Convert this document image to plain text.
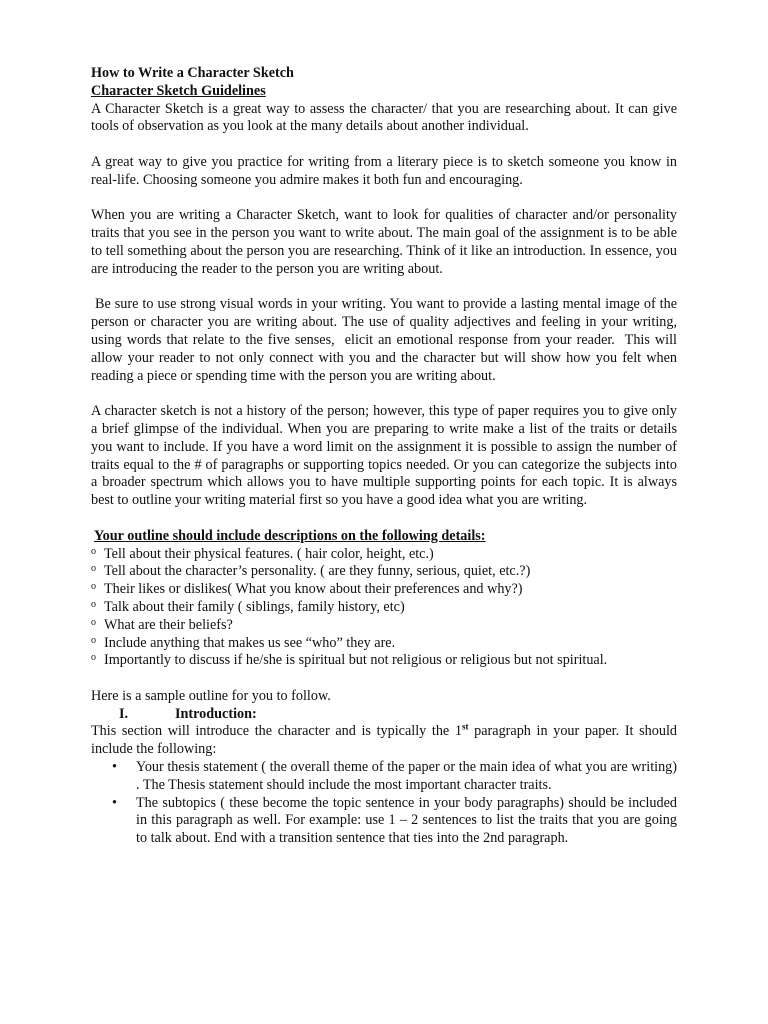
How to Write a Character Sketch

Character Sketch Guidelines

A Character Sketch is a great way to assess the character/ that you are researching about. It can give tools of observation as you look at the many details about another individual.

A great way to give you practice for writing from a literary piece is to sketch someone you know in real-life. Choosing someone you admire makes it both fun and encouraging.

When you are writing a Character Sketch, want to look for qualities of character and/or personality traits that you see in the person you want to write about. The main goal of the assignment is to be able to tell something about the person you are researching. Think of it like an introduction. In essence, you are introducing the reader to the person you are writing about.

Be sure to use strong visual words in your writing. You want to provide a lasting mental image of the person or character you are writing about. The use of quality adjectives and feeling in your writing, using words that relate to the five senses,  elicit an emotional response from your reader.  This will allow your reader to not only connect with you and the character but will show how you felt when reading a piece or spending time with the person you are writing about.

A character sketch is not a history of the person; however, this type of paper requires you to give only a brief glimpse of the individual. When you are preparing to write make a list of the traits or details you want to include. If you have a word limit on the assignment it is possible to assign the number of traits equal to the # of paragraphs or supporting topics needed. Or you can categorize the subjects into a broader spectrum which allows you to have multiple supporting points for each topic. It is always best to outline your writing material first so you have a good idea what you are writing.

Your outline should include descriptions on the following details:

o Tell about their physical features. ( hair color, height, etc.)
o Tell about the character’s personality. ( are they funny, serious, quiet, etc.?)
o Their likes or dislikes( What you know about their preferences and why?)
o Talk about their family ( siblings, family history, etc)
o What are their beliefs?
o Include anything that makes us see “who” they are.
o Importantly to discuss if he/she is spiritual but not religious or religious but not spiritual.

Here is a sample outline for you to follow.

I.	Introduction:

This section will introduce the character and is typically the 1st paragraph in your paper. It should include the following:

• Your thesis statement ( the overall theme of the paper or the main idea of what you are writing) . The Thesis statement should include the most important character traits.
• The subtopics ( these become the topic sentence in your body paragraphs) should be included in this paragraph as well. For example: use 1 – 2 sentences to list the traits that you are going to talk about. End with a transition sentence that ties into the 2nd paragraph.
